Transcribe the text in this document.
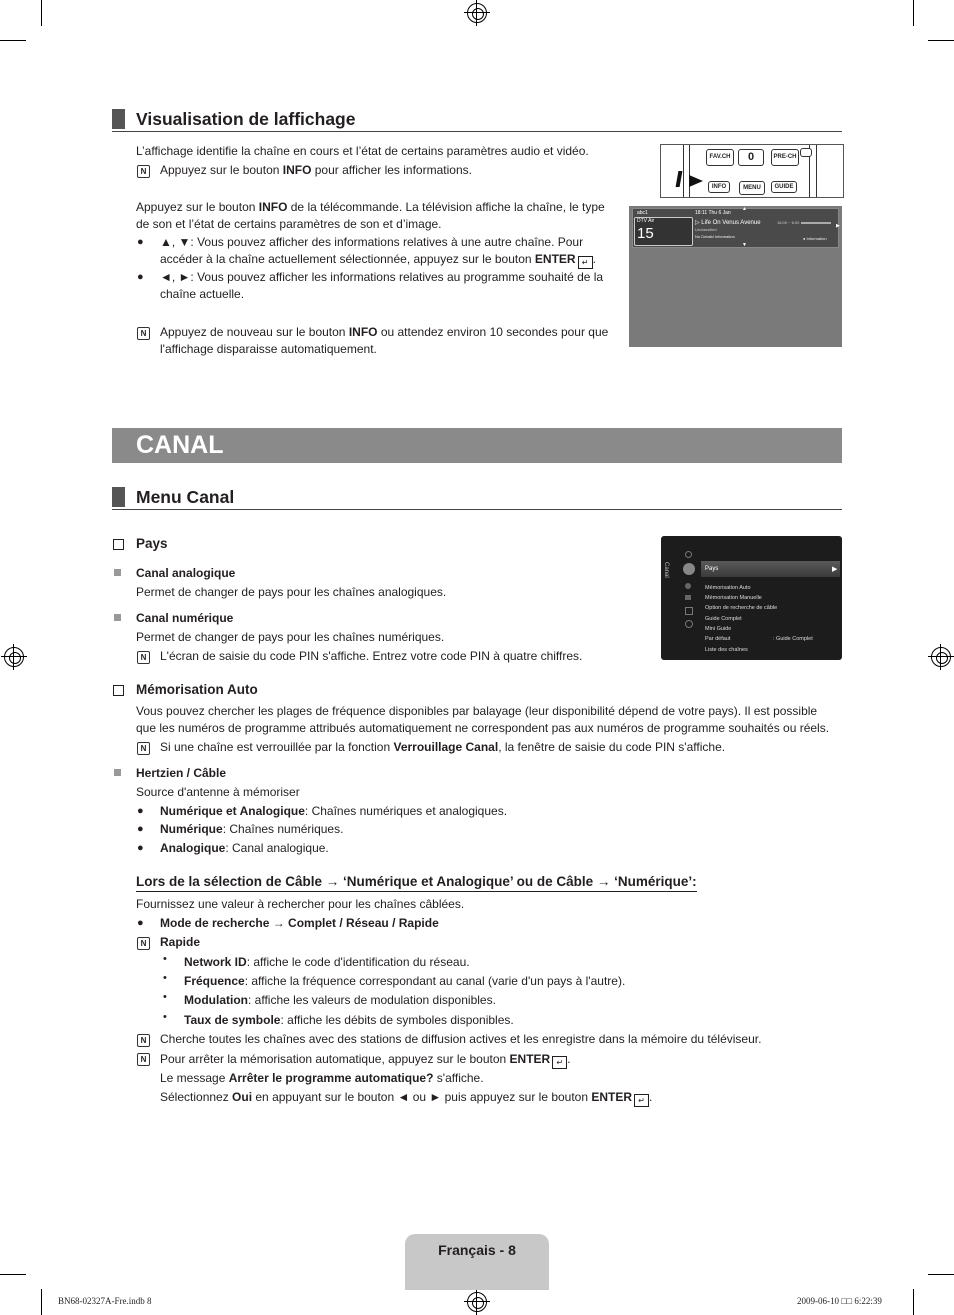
Visualisation de laffichage
L’affichage identifie la chaîne en cours et l’état de certains paramètres audio et vidéo.
N	Appuyez sur le bouton INFO pour afficher les informations.
Appuyez sur le bouton INFO de la télécommande. La télévision affiche la chaîne, le type
de son et l’état de certains paramètres de son et d’image.
● ▲, ▼: Vous pouvez afficher des informations relatives à une autre chaîne. Pour
accéder à la chaîne actuellement sélectionnée, appuyez sur le bouton ENTER ↵ .
● ◄, ►: Vous pouvez afficher les informations relatives au programme souhaité de la
chaîne actuelle.
N	Appuyez de nouveau sur le bouton INFO ou attendez environ 10 secondes pour que
l'affichage disparaisse automatiquement.
FAV.CH	0	PRE-CH
INFO	MENU	GUIDE
abc1
DTV Air
15
18:11 Thu 6 Jan
▷ Life On Venus Avenue
Unclassified
No Detaild Information
18:00 ~ 6:00
● Information
▲
▼
▶
CANAL
Menu Canal
Pays
Canal analogique
Permet de changer de pays pour les chaînes analogiques.
Canal numérique
Permet de changer de pays pour les chaînes numériques.
N	L'écran de saisie du code PIN s'affiche. Entrez votre code PIN à quatre chiffres.
Canal	Pays	▶
Mémorisation Auto
Mémorisation Manuelle
Option de recherche de câble
Guide Complet
Mini Guide
Par défaut	: Guide Complet
Liste des chaînes
Mémorisation Auto
Vous pouvez chercher les plages de fréquence disponibles par balayage (leur disponibilité dépend de votre pays). Il est possible
que les numéros de programme attribués automatiquement ne correspondent pas aux numéros de programme souhaités ou réels.
N	Si une chaîne est verrouillée par la fonction Verrouillage Canal, la fenêtre de saisie du code PIN s'affiche.
Hertzien / Câble
Source d'antenne à mémoriser
● Numérique et Analogique: Chaînes numériques et analogiques.
● Numérique: Chaînes numériques.
● Analogique: Canal analogique.
Lors de la sélection de Câble → ‘Numérique et Analogique’ ou de Câble → ‘Numérique’:
Fournissez une valeur à rechercher pour les chaînes câblées.
● Mode de recherche → Complet / Réseau / Rapide
N	Rapide
• Network ID: affiche le code d'identification du réseau.
• Fréquence: affiche la fréquence correspondant au canal (varie d'un pays à l'autre).
• Modulation: affiche les valeurs de modulation disponibles.
• Taux de symbole: affiche les débits de symboles disponibles.
N	Cherche toutes les chaînes avec des stations de diffusion actives et les enregistre dans la mémoire du téléviseur.
N	Pour arrêter la mémorisation automatique, appuyez sur le bouton ENTER ↵ .
Le message Arrêter le programme automatique? s'affiche.
Sélectionnez Oui en appuyant sur le bouton ◄ ou ► puis appuyez sur le bouton ENTER ↵ .
Français - 8
BN68-02327A-Fre.indb 8	2009-06-10 □□ 6:22:39
